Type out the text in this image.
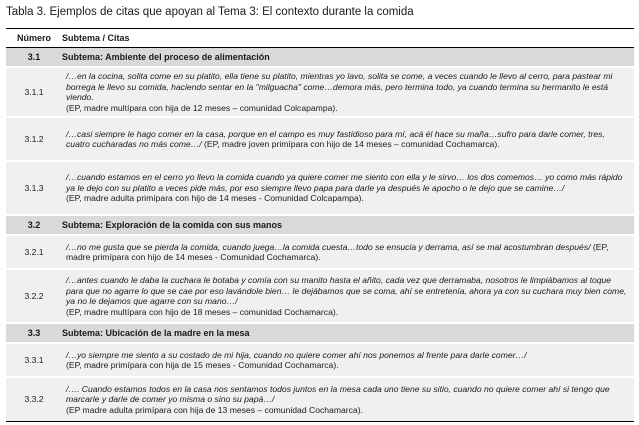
Tabla 3. Ejemplos de citas que apoyan al Tema 3: El contexto durante la comida
Número	Subtema / Citas
3.1	Subtema: Ambiente del proceso de alimentación
3.1.1	/…en la cocina, solita come en su platito, ella tiene su platito, mientras yo lavo, solita se come, a veces cuando le llevo al cerro, para pastear mi borrega le llevo su comida, haciendo sentar en la "milguacha" come…demora más, pero termina todo, ya cuando termina su hermanito le está viendo.
(EP, madre multípara con hija de 12 meses – comunidad Colcapampa).
3.1.2	/…casi siempre le hago comer en la casa, porque en el campo es muy fastidioso para mí, acá él hace su maña…sufro para darle comer, tres, cuatro cucharadas no más come…/ (EP, madre joven primípara con hijo de 14 meses – comunidad Cochamarca).
3.1.3	/…cuando estamos en el cerro yo llevo la comida cuando ya quiere comer me siento con ella y le sirvo… los dos comemos… yo como más rápido ya le dejo con su platito a veces pide más, por eso siempre llevo papa para darle ya después le apocho o le dejo que se camine…/
(EP, madre adulta primípara con hijo de 14 meses - Comunidad Colcapampa).
3.2	Subtema: Exploración de la comida con sus manos
3.2.1	/…no me gusta que se pierda la comida, cuando juega…la comida cuesta…todo se ensucia y derrama, así se mal acostumbran después/ (EP, madre primípara con hijo de 14 meses - Comunidad Cochamarca).
3.2.2	/…antes cuando le daba la cuchara le botaba y comía con su manito hasta el añito, cada vez que derramaba, nosotros le limpiábamos al toque para que no agarre lo que se cae por eso lavándole bien… le dejábamos que se coma, ahí se entretenía, ahora ya con su cuchara muy bien come, ya no le dejamos que agarre con su mano…/
(EP, madre multípara con hijo de 18 meses – comunidad Cochamarca).
3.3	Subtema: Ubicación de la madre en la mesa
3.3.1	/…yo siempre me siento a su costado de mi hija, cuando no quiere comer ahí nos ponemos al frente para darle comer…/
(EP, madre primípara con hija de 15 meses - Comunidad Cochamarca).
3.3.2	/…. Cuando estamos todos en la casa nos sentamos todos juntos en la mesa cada uno tiene su sitio, cuando no quiere comer ahí si tengo que marcarle y darle de comer yo misma o sino su papá…/
(EP madre adulta primípara con hija de 13 meses – comunidad Cochamarca).
